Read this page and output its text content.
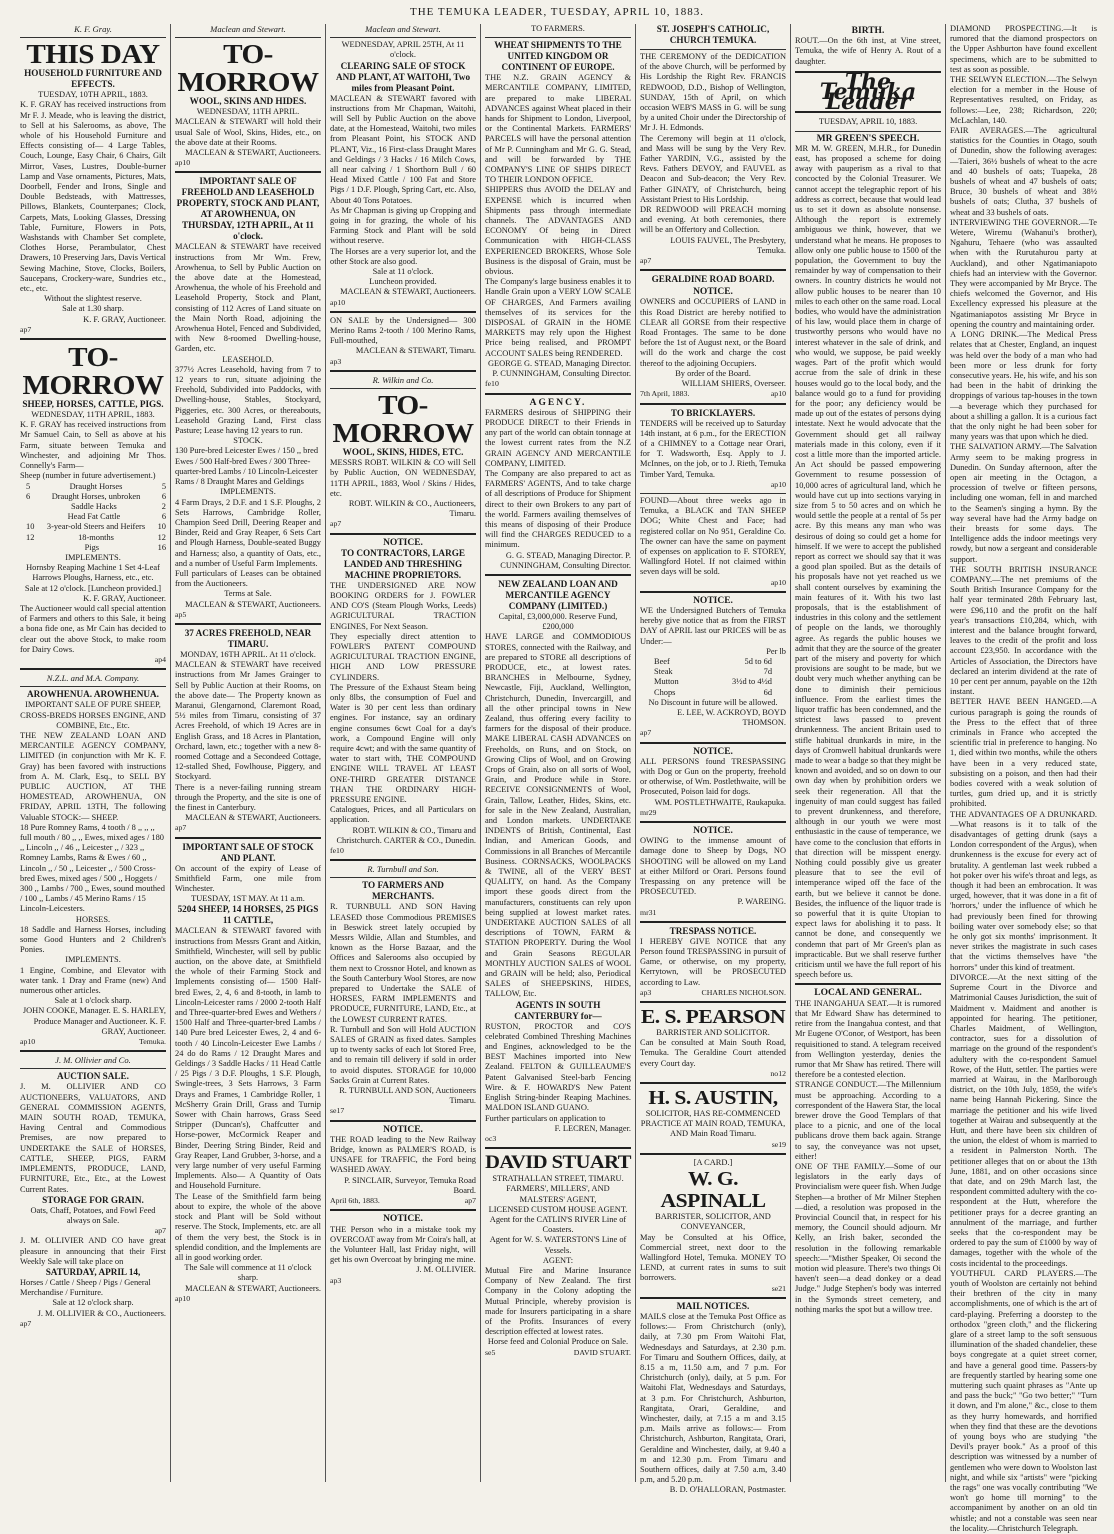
THE TEMUKA LEADER, TUESDAY, APRIL 10, 1883.
K. F. Gray.
THIS DAY
HOUSEHOLD FURNITURE AND EFFECTS.
TUESDAY, 10TH APRIL, 1883.
K. F. GRAY has received instructions from Mr F. J. Meade, who is leaving the district, to Sell at his Salerooms, as above, The whole of his Household Furniture and Effects consisting of— 4 Large Tables, Couch, Lounge, Easy Chair, 6 Chairs, Gilt Mirror, Vases, Lustres, Double-burner Lamp and Vase ornaments, Pictures, Mats, Doorbell, Fender and Irons, Single and Double Bedsteads, with Mattresses, Pillows, Blankets, Counterpanes; Clock, Carpets, Mats, Looking Glasses, Dressing Table, Furniture, Flowers in Pots, Washstands with Chamber Set complete, Clothes Horse, Perambulator, Chest Drawers, 10 Preserving Jars, Davis Vertical Sewing Machine, Stove, Clocks, Boilers, Saucepans, Crockery-ware, Sundries etc., etc., etc.
Without the slightest reserve.
Sale at 1.30 sharp.
K. F. GRAY, Auctioneer.
ap7
TO-MORROW
SHEEP, HORSES, CATTLE, PIGS.
WEDNESDAY, 11TH APRIL, 1883.
K. F. GRAY has received instructions from Mr Samuel Cain, to Sell as above at his Farm, situate between Temuka and Winchester, and adjoining Mr Thos. Connelly's Farm—
Sheep (number in future advertisement.)
5	Draught Horses	5
6	Draught Horses, unbroken	6
Saddle Hacks	2
Head Fat Cattle	6
10 3-year-old Steers and Heifers 10
12	18-months	12
Pigs	16
IMPLEMENTS.
Hornsby Reaping Machine 1 Set 4-Leaf Harrows Ploughs, Harness, etc., etc.
Sale at 12 o'clock. [Luncheon provided.]
K. F. GRAY, Auctioneer.
The Auctioneer would call special attention of Farmers and others to this Sale, it being a bona fide one, as Mr Cain has decided to clear out the above Stock, to make room for Dairy Cows.
ap4
N.Z.L. and M.A. Company.
AROWHENUA. AROWHENUA.
IMPORTANT SALE OF PURE SHEEP, CROSS-BREDS HORSES ENGINE, AND COMBINE, Etc., Etc.
THE NEW ZEALAND LOAN AND MERCANTILE AGENCY COMPANY, LIMITED (in conjunction with Mr K. F. Gray) has been favored with instructions from A. M. Clark, Esq., to SELL BY PUBLIC AUCTION, AT THE HOMESTEAD, AROWHENUA, ON FRIDAY, APRIL 13TH, The following Valuable STOCK:— SHEEP.
18 Pure Romney Rams, 4 tooth / 8 ,, ,, ,, full mouth / 80 ,, ,, Ewes, mixed ages / 180 ,, Lincoln ,, / 46 ,, Leicester ,, / 323 ,, Romney Lambs, Rams & Ewes / 60 ,, Lincoln ,, / 50 ,, Leicester ,, / 500 Cross-bred Ewes, mixed ages / 500 ,, Hoggets / 300 ,, Lambs / 700 ,, Ewes, sound mouthed / 100 ,, Lambs / 45 Merino Rams / 15 Lincoln-Leicesters.
HORSES.
18 Saddle and Harness Horses, including some Good Hunters and 2 Children's Ponies.
IMPLEMENTS.
1 Engine, Combine, and Elevator with water tank. 1 Dray and Frame (new) And numerous other articles.
Sale at 1 o'clock sharp.
JOHN COOKE, Manager. E. S. HARLEY, Produce Manager and Auctioneer. K. F. GRAY, Auctioneer.
ap10	Temuka.
J. M. Ollivier and Co.
AUCTION SALE.
J. M. OLLIVIER AND CO AUCTIONEERS, VALUATORS, AND GENERAL COMMISSION AGENTS, MAIN SOUTH ROAD, TEMUKA, Having Central and Commodious Premises, are now prepared to UNDERTAKE the SALE of HORSES, CATTLE, SHEEP, PIGS, FARM IMPLEMENTS, PRODUCE, LAND, FURNITURE, Etc., Etc., at the Lowest Current Rates.
STORAGE FOR GRAIN.
Oats, Chaff, Potatoes, and Fowl Feed always on Sale.
ap7
J. M. OLLIVIER AND CO have great pleasure in announcing that their First Weekly Sale will take place on
SATURDAY, APRIL 14,
Horses / Cattle / Sheep / Pigs / General Merchandise / Furniture.
Sale at 12 o'clock sharp.
J. M. OLLIVIER & CO., Auctioneers.
ap7
Maclean and Stewart.
TO-MORROW
WOOL, SKINS AND HIDES.
WEDNESDAY, 11TH APRIL.
MACLEAN & STEWART will hold their usual Sale of Wool, Skins, Hides, etc., on the above date at their Rooms.
MACLEAN & STEWART, Auctioneers.
ap10
IMPORTANT SALE OF FREEHOLD AND LEASEHOLD PROPERTY, STOCK AND PLANT, AT AROWHENUA, ON THURSDAY, 12TH APRIL, At 11 o'clock.
MACLEAN & STEWART have received instructions from Mr Wm. Frew, Arowhenua, to Sell by Public Auction on the above date at the Homestead, Arowhenua, the whole of his Freehold and Leasehold Property, Stock and Plant, consisting of 112 Acres of Land situate on the Main North Road, adjoining the Arowhenua Hotel, Fenced and Subdivided, with New 8-roomed Dwelling-house, Garden, etc.
LEASEHOLD.
377½ Acres Leasehold, having from 7 to 12 years to run, situate adjoining the Freehold, Subdivided into Paddocks, with Dwelling-house, Stables, Stockyard, Piggeries, etc. 300 Acres, or thereabouts, Leasehold Grazing Land, First class Pasture; Lease having 12 years to run.
STOCK.
130 Pure-bred Leicester Ewes / 150 ,, bred Ewes / 500 Half-bred Ewes / 300 Three-quarter-bred Lambs / 10 Lincoln-Leicester Rams / 8 Draught Mares and Geldings
IMPLEMENTS.
4 Farm Drays, 2 D.F. and 1 S.F. Ploughs, 2 Sets Harrows, Cambridge Roller, Champion Seed Drill, Deering Reaper and Binder, Reid and Gray Reaper, 6 Sets Cart and Plough Harness, Double-seated Buggy and Harness; also, a quantity of Oats, etc., and a number of Useful Farm Implements.
Full particulars of Leases can be obtained from the Auctioneers.
Terms at Sale.
MACLEAN & STEWART, Auctioneers.
ap5
37 ACRES FREEHOLD, NEAR TIMARU.
MONDAY, 16TH APRIL. At 11 o'clock.
MACLEAN & STEWART have received instructions from Mr James Grainger to Sell by Public Auction at their Rooms, on the above date— The Property known as Maranui, Glengarnond, Claremont Road, 5½ miles from Timaru, consisting of 37 Acres Freehold, of which 19 Acres are in English Grass, and 18 Acres in Plantation, Orchard, lawn, etc.; together with a new 8-roomed Cottage and a Secondeed Cottage, 12-stalled Shed, Fowlhouse, Piggery, and Stockyard.
There is a never-failing running stream through the Property, and the site is one of the finest in Canterbury.
MACLEAN & STEWART, Auctioneers.
ap7
IMPORTANT SALE OF STOCK AND PLANT.
On account of the expiry of Lease of Smithfield Farm, one mile from Winchester.
TUESDAY, 1ST MAY. At 11 a.m.
5204 SHEEP, 14 HORSES, 25 PIGS 11 CATTLE,
MACLEAN & STEWART favored with instructions from Messrs Grant and Aitkin, Smithfield, Winchester, will sell by public auction, on the above date, at Smithfield the whole of their Farming Stock and Implements consisting of— 1500 Half-bred Ewes, 2, 4, 6 and 8-tooth, in lamb to Lincoln-Leicester rams / 2000 2-tooth Half and Three-quarter-bred Ewes and Wethers / 1500 Half and Three-quarter-bred Lambs / 140 Pure bred Leicester Ewes, 2, 4 and 6-tooth / 40 Lincoln-Leicester Ewe Lambs / 24 do do Rams / 12 Draught Mares and Geldings / 3 Saddle Hacks / 11 Head Cattle / 25 Pigs / 3 D.F. Ploughs, 1 S.F. Plough, Swingle-trees, 3 Sets Harrows, 3 Farm Drays and Frames, 1 Cambridge Roller, 1 McSherry Grain Drill, Grass and Turnip Sower with Chain harrows, Grass Seed Stripper (Duncan's), Chaffcutter and Horse-power, McCormick Reaper and Binder, Deering String Binder, Reid and Gray Reaper, Land Grubber, 3-horse, and a very large number of very useful Farming Implements. Also— A Quantity of Oats and Household Furniture.
The Lease of the Smithfield farm being about to expire, the whole of the above stock and Plant will be Sold without reserve. The Stock, Implements, etc. are all of them the very best, the Stock is in splendid condition, and the Implements are all in good working order.
The Sale will commence at 11 o'clock sharp.
MACLEAN & STEWART, Auctioneers.
ap10
Maclean and Stewart.
WEDNESDAY, APRIL 25TH, At 11 o'clock.
CLEARING SALE OF STOCK AND PLANT, AT WAITOHI, Two miles from Pleasant Point.
MACLEAN & STEWART favored with instructions from Mr Chapman, Waitohi, will Sell by Public Auction on the above date, at the Homestead, Waitohi, two miles from Pleasant Point, his STOCK AND PLANT, Viz., 16 First-class Draught Mares and Geldings / 3 Hacks / 16 Milch Cows, all near calving / 1 Shorthorn Bull / 60 Head Mixed Cattle / 100 Fat and Store Pigs / 1 D.F. Plough, Spring Cart, etc. Also, About 40 Tons Potatoes.
As Mr Chapman is giving up Cropping and going in for grazing, the whole of his Farming Stock and Plant will be sold without reserve.
The Horses are a very superior lot, and the other Stock are also good.
Sale at 11 o'clock.
Luncheon provided.
MACLEAN & STEWART, Auctioneers.
ap10
ON SALE by the Undersigned— 300 Merino Rams 2-tooth / 100 Merino Rams, Full-mouthed,
MACLEAN & STEWART, Timaru.
ap3
R. Wilkin and Co.
TO-MORROW
WOOL, SKINS, HIDES, ETC.
MESSRS ROBT. WILKIN & CO will Sell by Public Auction, ON WEDNESDAY, 11TH APRIL, 1883, Wool / Skins / Hides, etc.
ROBT. WILKIN & CO., Auctioneers, Timaru.
ap7
NOTICE.
TO CONTRACTORS, LARGE LANDED AND THRESHING MACHINE PROPRIETORS.
THE UNDERSIGNED ARE NOW BOOKING ORDERS for J. FOWLER AND CO'S (Steam Plough Works, Leeds) AGRICULTURAL TRACTION ENGINES, For Next Season.
They especially direct attention to FOWLER'S PATENT COMPOUND AGRICULTURAL TRACTION ENGINE, HIGH AND LOW PRESSURE CYLINDERS.
The Pressure of the Exhaust Steam being only 8lbs, the consumption of Fuel and Water is 30 per cent less than ordinary engines. For instance, say an ordinary engine consumes 6cwt Coal for a day's work, a Compound Engine will only require 4cwt; and with the same quantity of water to start with, THE COMPOUND ENGINE WILL TRAVEL AT LEAST ONE-THIRD GREATER DISTANCE THAN THE ORDINARY HIGH-PRESSURE ENGINE.
Catalogues, Prices, and all Particulars on application.
ROBT. WILKIN & CO., Timaru and Christchurch. CARTER & CO., Dunedin.
fe10
R. Turnbull and Son.
TO FARMERS AND MERCHANTS.
R. TURNBULL AND SON Having LEASED those Commodious PREMISES in Beswick street lately occupied by Messrs Wildie, Allan and Stumbles, and known as the Horse Bazaar, and the Offices and Salerooms also occupied by them next to Crossnor Hotel, and known as the South Canterbury Wool Stores, are now prepared to Undertake the SALE of HORSES, FARM IMPLEMENTS and PRODUCE, FURNITURE, LAND, Etc., at the LOWEST CURRENT RATES.
R. Turnbull and Son will Hold AUCTION SALES of GRAIN as fixed dates. Samples up to twenty sacks of each lot Stored Free, and to remain till delivery if sold in order to avoid disputes. STORAGE for 10,000 Sacks Grain at Current Rates.
R. TURNBULL AND SON, Auctioneers Timaru.
se17
NOTICE.
THE ROAD leading to the New Railway Bridge, known as PALMER'S ROAD, is UNSAFE for TRAFFIC, the Ford being WASHED AWAY.
P. SINCLAIR, Surveyor, Temuka Road Board.
April 6th, 1883.	ap7
NOTICE.
THE Person who in a mistake took my OVERCOAT away from Mr Coira's hall, at the Volunteer Hall, last Friday night, will get his own Overcoat by bringing me mine.
J. M. OLLIVIER.
ap3
TO FARMERS.
WHEAT SHIPMENTS TO THE UNITED KINGDOM OR CONTINENT OF EUROPE.
THE N.Z. GRAIN AGENCY & MERCANTILE COMPANY, LIMITED, are prepared to make LIBERAL ADVANCES against Wheat placed in their hands for Shipment to London, Liverpool, or the Continental Markets. FARMERS' PARCELS will have the personal attention of Mr P. Cunningham and Mr G. G. Stead, and will be forwarded by THE COMPANY'S LINE OF SHIPS DIRECT TO THEIR LONDON OFFICE.
SHIPPERS thus AVOID the DELAY and EXPENSE which is incurred when Shipments pass through intermediate channels. The ADVANTAGES AND ECONOMY Of being in Direct Communication with HIGH-CLASS EXPERIENCED BROKERS, Whose Sole Business is the disposal of Grain, must be obvious.
The Company's large business enables it to Handle Grain upon a VERY LOW SCALE OF CHARGES, And Farmers availing themselves of its services for the DISPOSAL of GRAIN in the HOME MARKETS may rely upon the Highest Price being realised, and PROMPT ACCOUNT SALES being RENDERED.
GEORGE G. STEAD, Managing Director. P. CUNNINGHAM, Consulting Director.
fe10
AGENCY.
FARMERS desirous of SHIPPING their PRODUCE DIRECT to their Friends in any part of the world can obtain tonnage at the lowest current rates from the N.Z GRAIN AGENCY AND MERCANTILE COMPANY, LIMITED.
The Company are also prepared to act as FARMERS' AGENTS, And to take charge of all descriptions of Produce for Shipment direct to their own Brokers to any part of the world. Farmers availing themselves of this means of disposing of their Produce will find the CHARGES REDUCED to a minimum.
G. G. STEAD, Managing Director. P. CUNNINGHAM, Consulting Director.
NEW ZEALAND LOAN AND MERCANTILE AGENCY COMPANY (LIMITED.)
Capital, £3,000,000. Reserve Fund, £200,000
HAVE LARGE and COMMODIOUS STORES, connected with the Railway, and are prepared to STORE all descriptions of PRODUCE, etc., at lowest rates. BRANCHES in Melbourne, Sydney, Newcastle, Fiji, Auckland, Wellington, Christchurch, Dunedin, Invercargill, and all the other principal towns in New Zealand, thus offering every facility to farmers for the disposal of their produce. MAKE LIBERAL CASH ADVANCES on Freeholds, on Runs, and on Stock, on Growing Clips of Wool, and on Growing Crops of Grain, also on all sorts of Wool, Grain, and Produce while in Store. RECEIVE CONSIGNMENTS of Wool, Grain, Tallow, Leather, Hides, Skins, etc. for sale in the New Zealand, Australian, and London markets. UNDERTAKE INDENTS of British, Continental, East Indian, and American Goods, and Commissions in all Branches of Mercantile Business. CORNSACKS, WOOLPACKS & TWINE, all of the VERY BEST QUALITY, on hand. As the Company import these goods direct from the manufacturers, constituents can rely upon being supplied at lowest market rates. UNDERTAKE AUCTION SALES of all descriptions of TOWN, FARM & STATION PROPERTY. During the Wool and Grain Seasons REGULAR MONTHLY AUCTION SALES of WOOL and GRAIN will be held; also, Periodical SALES of SHEEPSKINS, HIDES, TALLOW, Etc.
AGENTS IN SOUTH CANTERBURY for—
RUSTON, PROCTOR and CO'S celebrated Combined Threshing Machines and Engines, acknowledged to be the BEST Machines imported into New Zealand. FELTON & GUILLEAUME'S Patent Galvanised Steel-barb Fencing Wire. & F. HOWARD'S New Patent English String-binder Reaping Machines. MALDON ISLAND GUANO.
Further particulars on application to
F. LECREN, Manager.
oc3
DAVID STUART
STRATHALLAN STREET, TIMARU.
FARMERS', MILLERS', AND MALSTERS' AGENT,
LICENSED CUSTOM HOUSE AGENT.
Agent for the CATLIN'S RIVER Line of Coasters.
Agent for W. S. WATERSTON'S Line of Vessels.
AGENT:
Mutual Fire and Marine Insurance Company of New Zealand. The first Company in the Colony adopting the Mutual Principle, whereby provision is made for Insurers participating in a share of the Profits. Insurances of every description effected at lowest rates.
Horse feed and Colonial Produce on Sale.
se5	DAVID STUART.
ST. JOSEPH'S CATHOLIC, CHURCH TEMUKA.
THE CEREMONY of the DEDICATION of the above Church, will be performed by His Lordship the Right Rev. FRANCIS REDWOOD, D.D., Bishop of Wellington, SUNDAY, 15th of April, on which occasion WEB'S MASS in G. will be sung by a united Choir under the Directorship of Mr J. H. Edmonds.
The Ceremony will begin at 11 o'clock, and Mass will be sung by the Very Rev. Father YARDIN, V.G., assisted by the Revs. Fathers DEVOY, and FAUVEL as Deacon and Sub-deacon; the Very Rev. Father GINATY, of Christchurch, being Assistant Priest to His Lordship.
DR REDWOOD will PREACH morning and evening. At both ceremonies, there will be an Offertory and Collection.
LOUIS FAUVEL, The Presbytery, Temuka.
ap7
GERALDINE ROAD BOARD.
NOTICE.
OWNERS and OCCUPIERS of LAND in this Road District are hereby notified to CLEAR all GORSE from their respective Road Frontages. The same to be done before the 1st of August next, or the Board will do the work and charge the cost thereof to the adjoining Occupiers.
By order of the Board.
WILLIAM SHIERS, Overseer.
7th April, 1883.	ap10
TO BRICKLAYERS.
TENDERS will be received up to Saturday 14th instant, at 6 p.m., for the ERECTION of a CHIMNEY to a Cottage near Orari, for T. Wadsworth, Esq. Apply to J. McInnes, on the job, or to J. Rieth, Temuka Timber Yard, Temuka.
ap10
FOUND—About three weeks ago in Temuka, a BLACK and TAN SHEEP DOG; White Chest and Face; had registered collar on No 951, Geraldine Co. The owner can have the same on payment of expenses on application to F. STOREY, Wallingford Hotel. If not claimed within seven days will be sold.
ap10
NOTICE.
WE the Undersigned Butchers of Temuka hereby give notice that as from the FIRST DAY of APRIL last our PRICES will be as Under:—
Per lb
Beef	5d to 6d
Steak	7d
Mutton	3½d to 4½d
Chops	6d
No Discount in future will be allowed.
E. LEE, W. ACKROYD, BOYD THOMSON.
ap7
NOTICE.
ALL PERSONS found TRESPASSING with Dog or Gun on the property, freehold or otherwise, of Wm. Postlethwaite, will be Prosecuted, Poison laid for dogs.
WM. POSTLETHWAITE, Raukapuka.
mr29
NOTICE.
OWING to the immense amount of damage done to Sheep by Dogs, NO SHOOTING will be allowed on my Land at either Milford or Orari. Persons found Trespassing on any pretence will be PROSECUTED.
P. WAREING.
mr31
TRESPASS NOTICE.
I HEREBY GIVE NOTICE that any Person found TRESPASSING in pursuit of Game, or otherwise, on my property, Kerrytown, will be PROSECUTED according to Law.
ap3	CHARLES NICHOLSON.
E. S. PEARSON
BARRISTER AND SOLICITOR.
Can be consulted at Main South Road, Temuka. The Geraldine Court attended every Court day.
no12
H. S. AUSTIN,
SOLICITOR, HAS RE-COMMENCED PRACTICE AT MAIN ROAD, TEMUKA, AND Main Road Timaru.
se19
[A CARD.]
W. G. ASPINALL
BARRISTER, SOLICITOR, AND CONVEYANCER,
May be Consulted at his Office, Commercial street, next door to the Wallingford Hotel, Temuka. MONEY TO LEND, at current rates in sums to suit borrowers.
se21
MAIL NOTICES.
MAILS close at the Temuka Post Office as follows:— From Christchurch (only), daily, at 7.30 pm From Waitohi Flat, Wednesdays and Saturdays, at 2.30 p.m. For Timaru and Southern Offices, daily, at 8.15 a m, 11.50 a.m, and 7 p.m. For Christchurch (only), daily, at 5 p.m. For Waitohi Flat, Wednesdays and Saturdays, at 3 p.m. For Christchurch, Ashburton, Rangitata, Orari, Geraldine, and Winchester, daily, at 7.15 a m and 3.15 p.m. Mails arrive as follows:— From Christchurch, Ashburton, Rangitata, Orari, Geraldine and Winchester, daily, at 9.40 a m and 12.30 p.m. From Timaru and Southern offices, daily at 7.50 a.m, 3.40 p.m, and 5.20 p.m.
B. D. O'HALLORAN, Postmaster.
BIRTH.
ROUT.—On the 6th inst, at Vine street, Temuka, the wife of Henry A. Rout of a daughter.
The Temuka Leader
TUESDAY, APRIL 10, 1883.
MR GREEN'S SPEECH.
MR M. W. GREEN, M.H.R., for Dunedin east, has proposed a scheme for doing away with pauperism as a rival to that concocted by the Colonial Treasurer. We cannot accept the telegraphic report of his address as correct, because that would lead us to set it down as absolute nonsense. Although the report is extremely ambiguous we think, however, that we understand what he means. He proposes to allow only one public house to 1500 of the population, the Government to buy the remainder by way of compensation to their owners. In country districts he would not allow public houses to be nearer than 10 miles to each other on the same road. Local bodies, who would have the administration of his law, would place them in charge of trustworthy persons who would have no interest whatever in the sale of drink, and who would, we suppose, be paid weekly wages. Part of the profit which would accrue from the sale of drink in these houses would go to the local body, and the balance would go to a fund for providing for the poor; any deficiency would be made up out of the estates of persons dying intestate. Next he would advocate that the Government should get all railway materials made in this colony, even if it cost a little more than the imported article. An Act should be passed empowering Government to resume possession of 10,000 acres of agricultural land, which he would have cut up into sections varying in size from 5 to 50 acres and on which he would settle the people at a rental of 5s per acre. By this means any man who was desirous of doing so could get a home for himself. If we were to accept the published report as correct we should say that it was a good plan spoiled. But as the details of his proposals have not yet reached us we shall content ourselves by examining the main features of it. With his two last proposals, that is the establishment of industries in this colony and the settlement of people on the lands, we thoroughly agree. As regards the public houses we admit that they are the source of the greater part of the misery and poverty for which provisions are sought to be made, but we doubt very much whether anything can be done to diminish their pernicious influence. From the earliest times the liquor traffic has been condemned, and the strictest laws passed to prevent drunkenness. The ancient Britain used to stifle habitual drunkards in mire, in the days of Cromwell habitual drunkards were made to wear a badge so that they might be known and avoided, and so on down to our own day when by prohibition orders we seek their regeneration. All that the ingenuity of man could suggest has failed to prevent drunkenness, and therefore, although in our youth we were most enthusiastic in the cause of temperance, we have come to the conclusion that efforts in that direction will be misspent energy. Nothing could possibly give us greater pleasure that to see the evil of intemperance wiped off the face of the earth, but we believe it cannot be done. Besides, the influence of the liquor trade is so powerful that it is quite Utopian to expect laws for abolishing it to pass. It cannot be done, and consequently we condemn that part of Mr Green's plan as impracticable. But we shall reserve further criticism until we have the full report of his speech before us.
LOCAL AND GENERAL.
THE INANGAHUA SEAT.—It is rumored that Mr Edward Shaw has determined to retire from the Inangahua contest, and that Mr Eugene O'Conor, of Westport, has been requisitioned to stand. A telegram received from Wellington yesterday, denies the rumor that Mr Shaw has retired. There will therefore be a contested election.
STRANGE CONDUCT.—The Millennium must be approaching. According to a correspondent of the Hawera Star, the local brewer drove the Good Templars of that place to a picnic, and one of the local publicans drove them back again. Strange to say, the conveyance was not upset, either!
ONE OF THE FAMILY.—Some of our legislators in the early days of Provincialism were queer fish. When Judge Stephen—a brother of Mr Milner Stephen—died, a resolution was proposed in the Provincial Council that, in respect for his memory, the Council should adjourn. Mr Kelly, an Irish baker, seconded the resolution in the following remarkable speech:—"Misther Speaker, Oi second the motion wid pleasure. There's two things Oi haven't seen—a dead donkey or a dead Judge." Judge Stephen's body was interred in the Symonds street cemetery, and nothing marks the spot but a willow tree.
DIAMOND PROSPECTING.—It is rumored that the diamond prospectors on the Upper Ashburton have found excellent specimens, which are to be submitted to test as soon as possible.
THE SELWYN ELECTION.—The Selwyn election for a member in the House of Representatives resulted, on Friday, as follows:—Lee, 238; Richardson, 220; McLachlan, 140.
FAIR AVERAGES.—The agricultural statistics for the Counties in Otago, south of Dunedin, show the following averages:—Taieri, 36½ bushels of wheat to the acre and 40 bushels of oats; Tuapeka, 28 bushels of wheat and 47 bushels of oats; Bruce, 30 bushels of wheat and 38½ bushels of oats; Clutha, 37 bushels of wheat and 33 bushels of oats.
INTERVIEWING THE GOVERNOR.—Te Wetere, Wiremu (Wahanui's brother), Ngahuru, Tehaere (who was assaulted when with the Rurutahurou party at Auckland), and other Ngatimaniapoto chiefs had an interview with the Governor. They were accompanied by Mr Bryce. The chiefs welcomed the Governor, and His Excellency expressed his pleasure at the Ngatimaniapotos assisting Mr Bryce in opening the country and maintaining order.
A LONG DRINK.—The Medical Press relates that at Chester, England, an inquest was held over the body of a man who had been more or less drunk for forty consecutive years. He, his wife, and his son had been in the habit of drinking the droppings of various tap-houses in the town—a beverage which they purchased for about a shilling a gallon. It is a curious fact that the only night he had been sober for many years was that upon which he died.
THE SALVATION ARMY.—The Salvation Army seem to be making progress in Dunedin. On Sunday afternoon, after the open air meeting in the Octagon, a procession of twelve or fifteen persons, including one woman, fell in and marched to the Seamen's singing a hymn. By the way several have had the Army badge on their breasts for some days. The Intelligence adds the indoor meetings very rowdy, but now a sergeant and considerable support.
THE SOUTH BRITISH INSURANCE COMPANY.—The net premiums of the South British Insurance Company for the half year terminated 28th February last, were £96,110 and the profit on the half year's transactions £10,284, which, with interest and the balance brought forward, leaves to the credit of the profit and loss account £23,950. In accordance with the Articles of Association, the Directors have declared an interim dividend at the rate of 10 per cent per annum, payable on the 12th instant.
BETTER HAVE BEEN HANGED.—A curious paragraph is going the rounds of the Press to the effect that of three criminals in France who accepted the scientific trial in preference to hanging. No 1, died within two months, while the others have been in a very reduced state, subsisting on a poison, and then had their bodies covered with a weak solution of turtles, gum dried up, and it is strictly prohibited.
THE ADVANTAGES OF A DRUNKARD.—What reasons is it to talk of the disadvantages of getting drunk (says a London correspondent of the Argus), when drunkenness is the excuse for every act of brutality. A gentleman last week rubbed a hot poker over his wife's throat and legs, as though it had been an embrocation. It was urged, however, that it was done in a fit of 'horrors,' under the influence of which he had previously been fined for throwing boiling water over somebody else; so that he only got six months' imprisonment. It never strikes the magistrate in such cases that the victims themselves have "the horrors" under this kind of treatment.
DIVORCE.—At the next sitting of the Supreme Court in the Divorce and Matrimonial Causes Jurisdiction, the suit of Maidment v. Maidment and another is appointed for hearing. The petitioner, Charles Maidment, of Wellington, contractor, sues for a dissolution of marriage on the ground of the respondent's adultery with the co-respondent Samuel Rowe, of the Hutt, settler. The parties were married at Wairau, in the Marlborough district, on the 10th July, 1859, the wife's name being Hannah Pickering. Since the marriage the petitioner and his wife lived together at Wairau and subsequently at the Hutt, and there have been six children of the union, the eldest of whom is married to a resident in Palmerston North. The petitioner alleges that on or about the 13th June, 1881, and on other occasions since that date, and on 29th March last, the respondent committed adultery with the co-respondent at the Hutt, wherefore the petitioner prays for a decree granting an annulment of the marriage, and further seeks that the co-respondent may be ordered to pay the sum of £1000 by way of damages, together with the whole of the costs incidental to the proceedings.
YOUTHFUL CARD PLAYERS.—The youth of Woolston are certainly not behind their brethren of the city in many accomplishments, one of which is the art of card-playing. Preferring a doorstep to the orthodox "green cloth," and the flickering glare of a street lamp to the soft sensuous illumination of the shaded chandelier, these boys congregate at a quiet street corner, and have a general good time. Passers-by are frequently startled by hearing some one muttering such quaint phrases as "Ante up and pass the buck;" "Go two better;" "Turn it down, and I'm alone," &c., close to them as they hurry homewards, and horrified when they find that these are the devotions of young boys who are studying "the Devil's prayer book." As a proof of this description was witnessed by a number of gentlemen who were down to Woolston last night, and while six "artists" were "picking the rags" one was vocally contributing "We won't go home till morning" to the accompaniment by another on an old tin whistle; and not a constable was seen near the locality.—Christchurch Telegraph.
